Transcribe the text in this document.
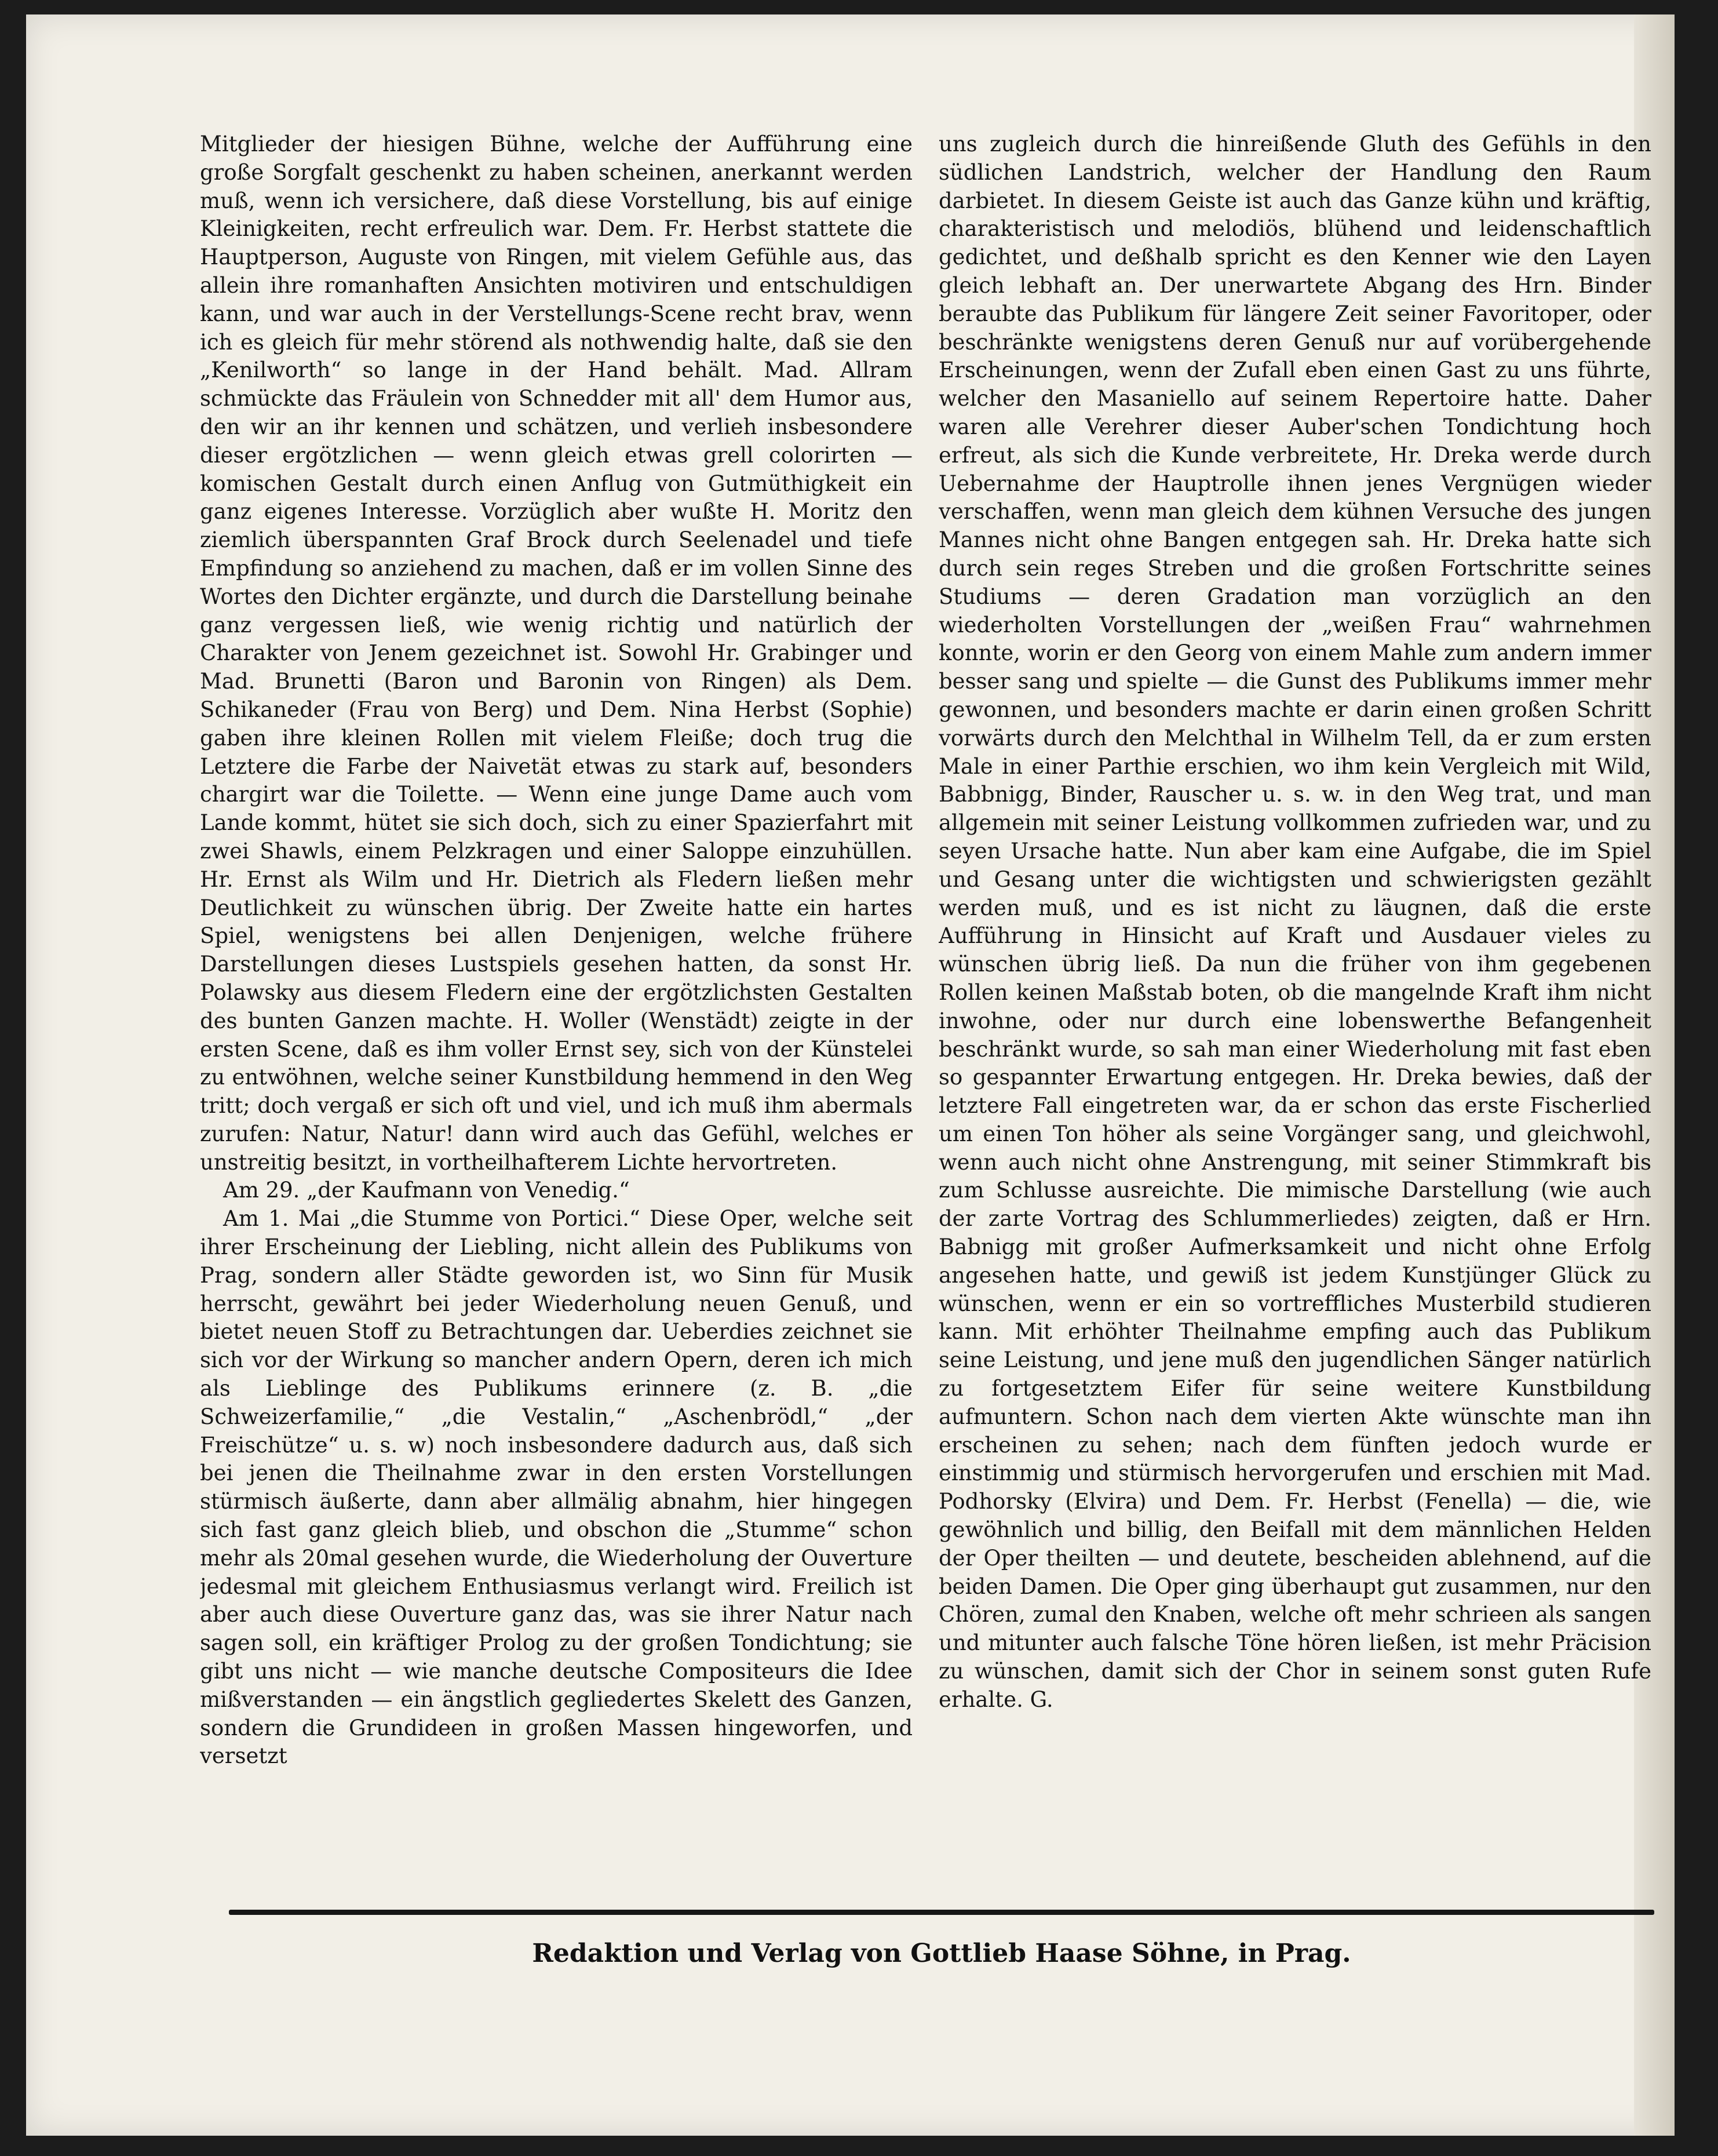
Mitglieder der hiesigen Bühne, welche der Aufführung eine große Sorgfalt geschenkt zu haben scheinen, anerkannt werden muß, wenn ich versichere, daß diese Vorstellung, bis auf einige Kleinigkeiten, recht erfreulich war. Dem. Fr. Herbst stattete die Hauptperson, Auguste von Ringen, mit vielem Gefühle aus, das allein ihre romanhaften Ansichten motiviren und entschuldigen kann, und war auch in der Verstellungs-Scene recht brav, wenn ich es gleich für mehr störend als nothwendig halte, daß sie den „Kenilworth“ so lange in der Hand behält. Mad. Allram schmückte das Fräulein von Schnedder mit all' dem Humor aus, den wir an ihr kennen und schätzen, und verlieh insbesondere dieser ergötzlichen — wenn gleich etwas grell colorirten — komischen Gestalt durch einen Anflug von Gutmüthigkeit ein ganz eigenes Interesse. Vorzüglich aber wußte H. Moritz den ziemlich überspannten Graf Brock durch Seelenadel und tiefe Empfindung so anziehend zu machen, daß er im vollen Sinne des Wortes den Dichter ergänzte, und durch die Darstellung beinahe ganz vergessen ließ, wie wenig richtig und natürlich der Charakter von Jenem gezeichnet ist. Sowohl Hr. Grabinger und Mad. Brunetti (Baron und Baronin von Ringen) als Dem. Schikaneder (Frau von Berg) und Dem. Nina Herbst (Sophie) gaben ihre kleinen Rollen mit vielem Fleiße; doch trug die Letztere die Farbe der Naivetät etwas zu stark auf, besonders chargirt war die Toilette. — Wenn eine junge Dame auch vom Lande kommt, hütet sie sich doch, sich zu einer Spazierfahrt mit zwei Shawls, einem Pelzkragen und einer Saloppe einzuhüllen. Hr. Ernst als Wilm und Hr. Dietrich als Fledern ließen mehr Deutlichkeit zu wünschen übrig. Der Zweite hatte ein hartes Spiel, wenigstens bei allen Denjenigen, welche frühere Darstellungen dieses Lustspiels gesehen hatten, da sonst Hr. Polawsky aus diesem Fledern eine der ergötzlichsten Gestalten des bunten Ganzen machte. H. Woller (Wenstädt) zeigte in der ersten Scene, daß es ihm voller Ernst sey, sich von der Künstelei zu entwöhnen, welche seiner Kunstbildung hemmend in den Weg tritt; doch vergaß er sich oft und viel, und ich muß ihm abermals zurufen: Natur, Natur! dann wird auch das Gefühl, welches er unstreitig besitzt, in vortheilhafterem Lichte hervortreten.

Am 29. „der Kaufmann von Venedig.“

Am 1. Mai „die Stumme von Portici.“ Diese Oper, welche seit ihrer Erscheinung der Liebling, nicht allein des Publikums von Prag, sondern aller Städte geworden ist, wo Sinn für Musik herrscht, gewährt bei jeder Wiederholung neuen Genuß, und bietet neuen Stoff zu Betrachtungen dar. Ueberdies zeichnet sie sich vor der Wirkung so mancher andern Opern, deren ich mich als Lieblinge des Publikums erinnere (z. B. „die Schweizerfamilie,“ „die Vestalin,“ „Aschenbrödl,“ „der Freischütze“ u. s. w) noch insbesondere dadurch aus, daß sich bei jenen die Theilnahme zwar in den ersten Vorstellungen stürmisch äußerte, dann aber allmälig abnahm, hier hingegen sich fast ganz gleich blieb, und obschon die „Stumme“ schon mehr als 20mal gesehen wurde, die Wiederholung der Ouverture jedesmal mit gleichem Enthusiasmus verlangt wird. Freilich ist aber auch diese Ouverture ganz das, was sie ihrer Natur nach sagen soll, ein kräftiger Prolog zu der großen Tondichtung; sie gibt uns nicht — wie manche deutsche Compositeurs die Idee mißverstanden — ein ängstlich gegliedertes Skelett des Ganzen, sondern die Grundideen in großen Massen hingeworfen, und versetzt

uns zugleich durch die hinreißende Gluth des Gefühls in den südlichen Landstrich, welcher der Handlung den Raum darbietet. In diesem Geiste ist auch das Ganze kühn und kräftig, charakteristisch und melodiös, blühend und leidenschaftlich gedichtet, und deßhalb spricht es den Kenner wie den Layen gleich lebhaft an. Der unerwartete Abgang des Hrn. Binder beraubte das Publikum für längere Zeit seiner Favoritoper, oder beschränkte wenigstens deren Genuß nur auf vorübergehende Erscheinungen, wenn der Zufall eben einen Gast zu uns führte, welcher den Masaniello auf seinem Repertoire hatte. Daher waren alle Verehrer dieser Auber'schen Tondichtung hoch erfreut, als sich die Kunde verbreitete, Hr. Dreka werde durch Uebernahme der Hauptrolle ihnen jenes Vergnügen wieder verschaffen, wenn man gleich dem kühnen Versuche des jungen Mannes nicht ohne Bangen entgegen sah. Hr. Dreka hatte sich durch sein reges Streben und die großen Fortschritte seines Studiums — deren Gradation man vorzüglich an den wiederholten Vorstellungen der „weißen Frau“ wahrnehmen konnte, worin er den Georg von einem Mahle zum andern immer besser sang und spielte — die Gunst des Publikums immer mehr gewonnen, und besonders machte er darin einen großen Schritt vorwärts durch den Melchthal in Wilhelm Tell, da er zum ersten Male in einer Parthie erschien, wo ihm kein Vergleich mit Wild, Babbnigg, Binder, Rauscher u. s. w. in den Weg trat, und man allgemein mit seiner Leistung vollkommen zufrieden war, und zu seyen Ursache hatte. Nun aber kam eine Aufgabe, die im Spiel und Gesang unter die wichtigsten und schwierigsten gezählt werden muß, und es ist nicht zu läugnen, daß die erste Aufführung in Hinsicht auf Kraft und Ausdauer vieles zu wünschen übrig ließ. Da nun die früher von ihm gegebenen Rollen keinen Maßstab boten, ob die mangelnde Kraft ihm nicht inwohne, oder nur durch eine lobenswerthe Befangenheit beschränkt wurde, so sah man einer Wiederholung mit fast eben so gespannter Erwartung entgegen. Hr. Dreka bewies, daß der letztere Fall eingetreten war, da er schon das erste Fischerlied um einen Ton höher als seine Vorgänger sang, und gleichwohl, wenn auch nicht ohne Anstrengung, mit seiner Stimmkraft bis zum Schlusse ausreichte. Die mimische Darstellung (wie auch der zarte Vortrag des Schlummerliedes) zeigten, daß er Hrn. Babnigg mit großer Aufmerksamkeit und nicht ohne Erfolg angesehen hatte, und gewiß ist jedem Kunstjünger Glück zu wünschen, wenn er ein so vortreffliches Musterbild studieren kann. Mit erhöhter Theilnahme empfing auch das Publikum seine Leistung, und jene muß den jugendlichen Sänger natürlich zu fortgesetztem Eifer für seine weitere Kunstbildung aufmuntern. Schon nach dem vierten Akte wünschte man ihn erscheinen zu sehen; nach dem fünften jedoch wurde er einstimmig und stürmisch hervorgerufen und erschien mit Mad. Podhorsky (Elvira) und Dem. Fr. Herbst (Fenella) — die, wie gewöhnlich und billig, den Beifall mit dem männlichen Helden der Oper theilten — und deutete, bescheiden ablehnend, auf die beiden Damen. Die Oper ging überhaupt gut zusammen, nur den Chören, zumal den Knaben, welche oft mehr schrieen als sangen und mitunter auch falsche Töne hören ließen, ist mehr Präcision zu wünschen, damit sich der Chor in seinem sonst guten Rufe erhalte. G.

Redaktion und Verlag von Gottlieb Haase Söhne, in Prag.
